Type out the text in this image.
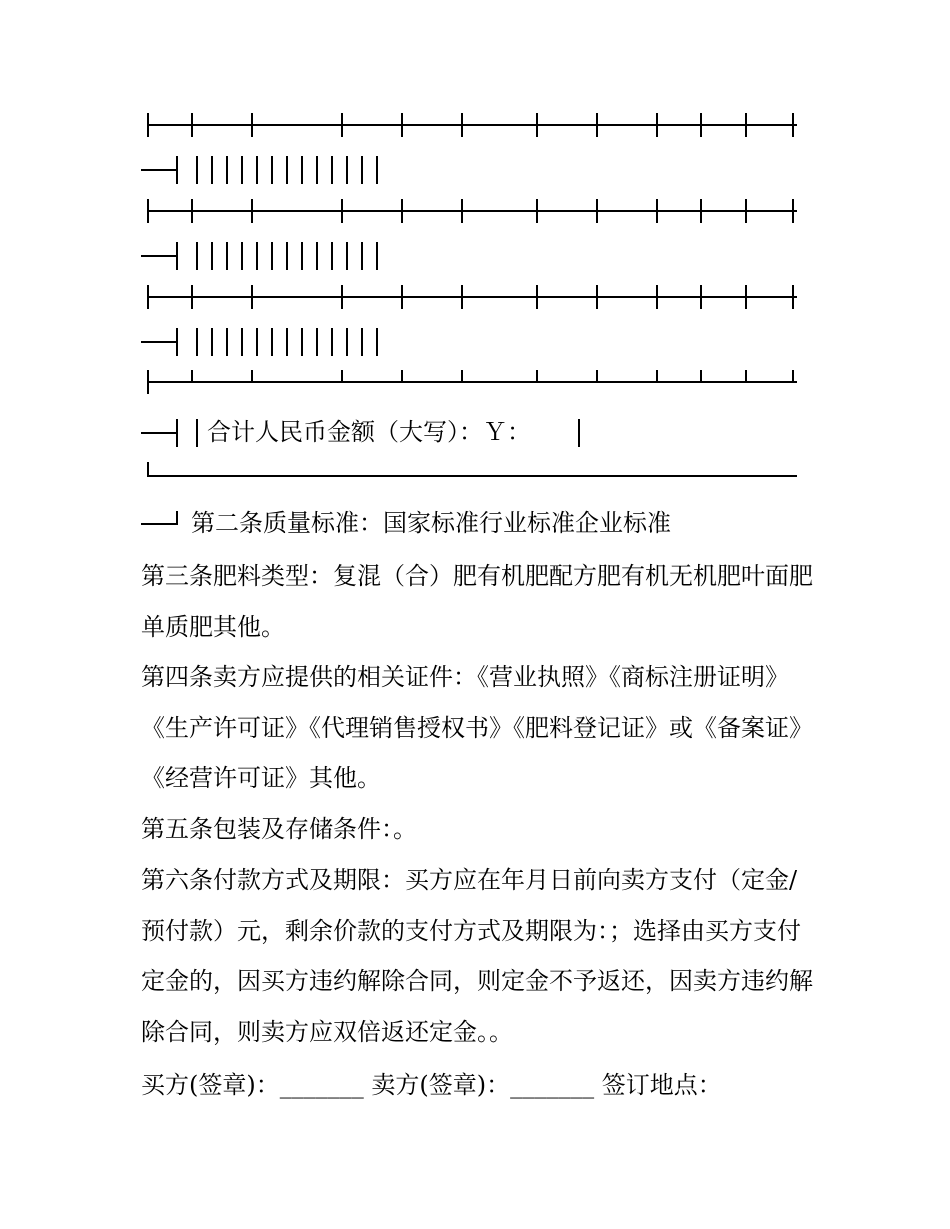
合计人民币金额（大写）：Ｙ：
第二条质量标准：国家标准行业标准企业标准
第三条肥料类型：复混（合）肥有机肥配方肥有机无机肥叶面肥单质肥其他。
第四条卖方应提供的相关证件：《营业执照》《商标注册证明》《生产许可证》《代理销售授权书》《肥料登记证》或《备案证》《经营许可证》其他。
第五条包装及存储条件：。
第六条付款方式及期限：买方应在年月日前向卖方支付（定金/预付款）元，剩余价款的支付方式及期限为：；选择由买方支付定金的，因买方违约解除合同，则定金不予返还，因卖方违约解除合同，则卖方应双倍返还定金。。
买方(签章)：_______ 卖方(签章)：_______ 签订地点：
